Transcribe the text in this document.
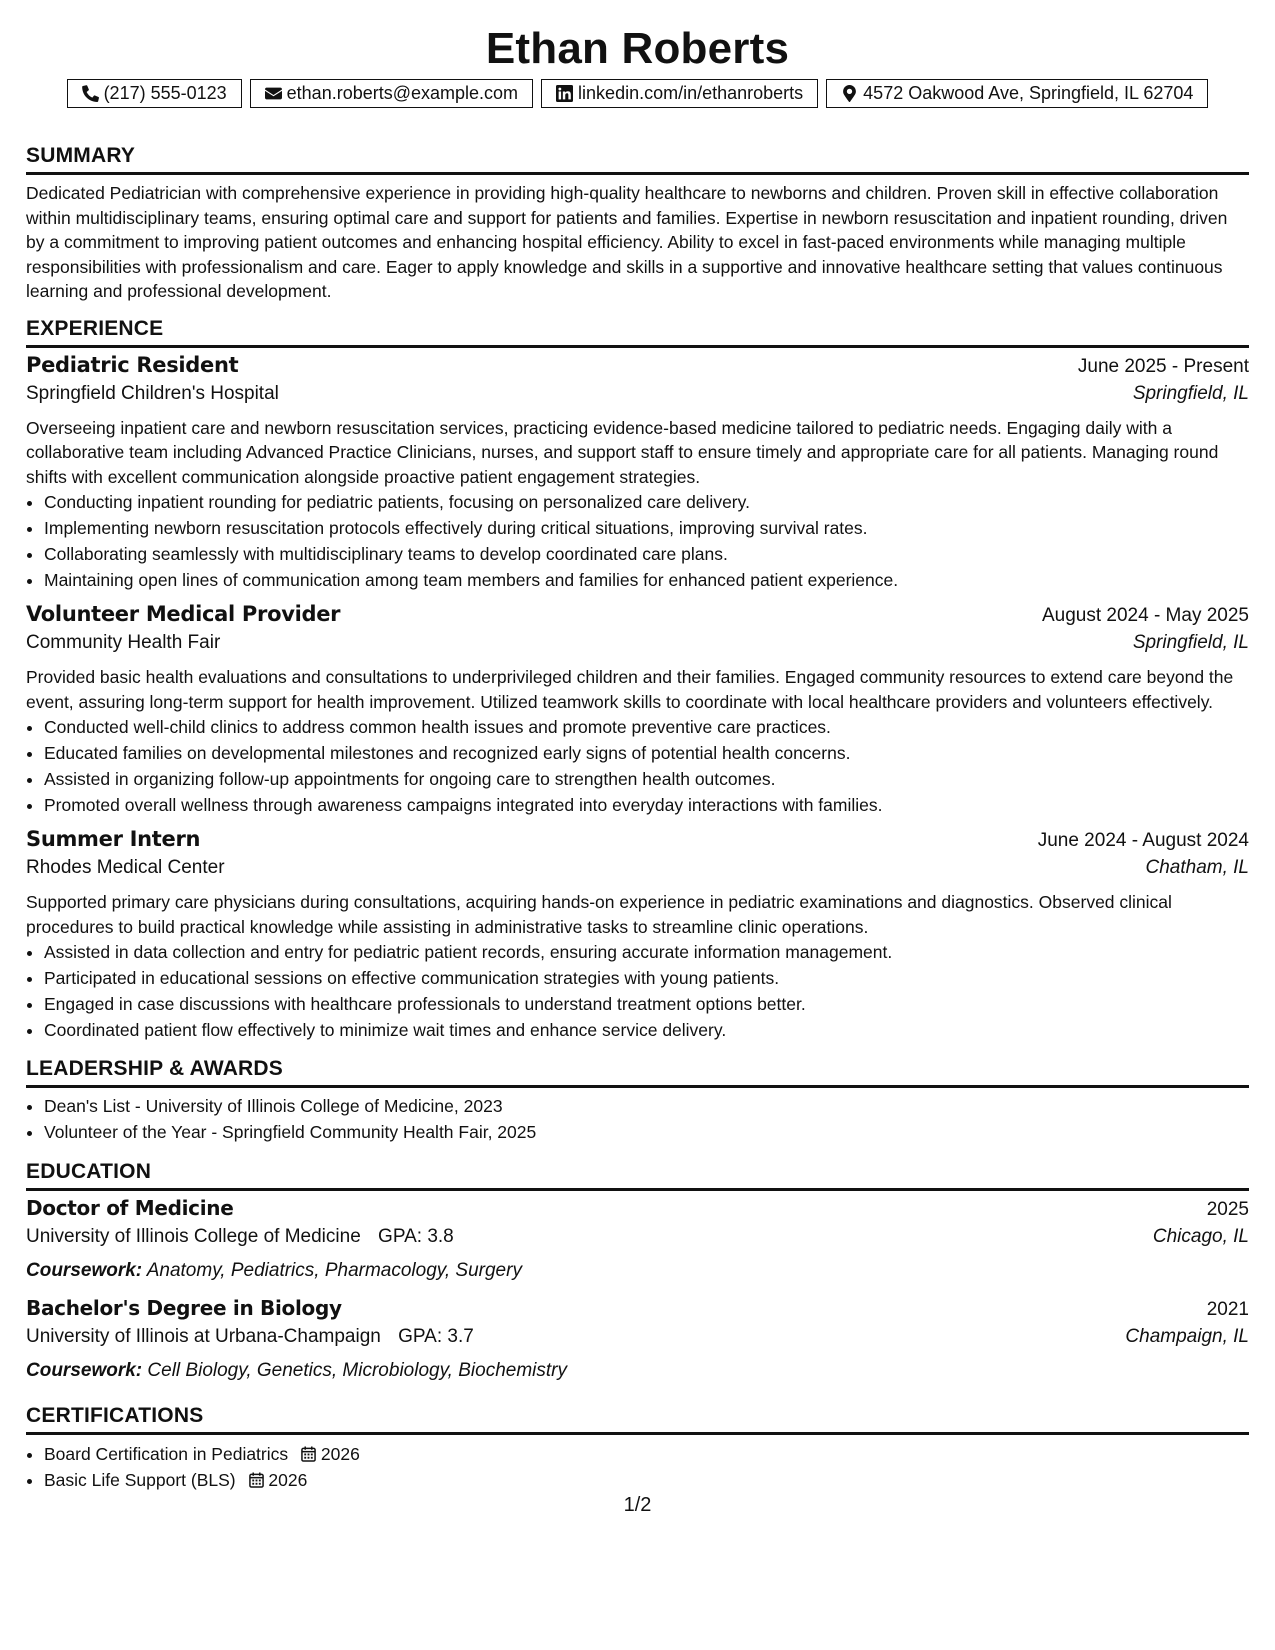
Ethan Roberts
(217) 555-0123	ethan.roberts@example.com	linkedin.com/in/ethanroberts	4572 Oakwood Ave, Springfield, IL 62704
SUMMARY

Dedicated Pediatrician with comprehensive experience in providing high-quality healthcare to newborns and children. Proven skill in effective collaboration within multidisciplinary teams, ensuring optimal care and support for patients and families. Expertise in newborn resuscitation and inpatient rounding, driven by a commitment to improving patient outcomes and enhancing hospital efficiency. Ability to excel in fast-paced environments while managing multiple responsibilities with professionalism and care. Eager to apply knowledge and skills in a supportive and innovative healthcare setting that values continuous learning and professional development.

EXPERIENCE
Pediatric Resident	June 2025 - Present
Springfield Children's Hospital	Springfield, IL

Overseeing inpatient care and newborn resuscitation services, practicing evidence-based medicine tailored to pediatric needs. Engaging daily with a collaborative team including Advanced Practice Clinicians, nurses, and support staff to ensure timely and appropriate care for all patients. Managing round shifts with excellent communication alongside proactive patient engagement strategies.

• Conducting inpatient rounding for pediatric patients, focusing on personalized care delivery.
• Implementing newborn resuscitation protocols effectively during critical situations, improving survival rates.
• Collaborating seamlessly with multidisciplinary teams to develop coordinated care plans.
• Maintaining open lines of communication among team members and families for enhanced patient experience.
Volunteer Medical Provider	August 2024 - May 2025
Community Health Fair	Springfield, IL

Provided basic health evaluations and consultations to underprivileged children and their families. Engaged community resources to extend care beyond the event, assuring long-term support for health improvement. Utilized teamwork skills to coordinate with local healthcare providers and volunteers effectively.

• Conducted well-child clinics to address common health issues and promote preventive care practices.
• Educated families on developmental milestones and recognized early signs of potential health concerns.
• Assisted in organizing follow-up appointments for ongoing care to strengthen health outcomes.
• Promoted overall wellness through awareness campaigns integrated into everyday interactions with families.
Summer Intern	June 2024 - August 2024
Rhodes Medical Center	Chatham, IL

Supported primary care physicians during consultations, acquiring hands-on experience in pediatric examinations and diagnostics. Observed clinical procedures to build practical knowledge while assisting in administrative tasks to streamline clinic operations.

• Assisted in data collection and entry for pediatric patient records, ensuring accurate information management.
• Participated in educational sessions on effective communication strategies with young patients.
• Engaged in case discussions with healthcare professionals to understand treatment options better.
• Coordinated patient flow effectively to minimize wait times and enhance service delivery.
LEADERSHIP & AWARDS
• Dean's List - University of Illinois College of Medicine, 2023
• Volunteer of the Year - Springfield Community Health Fair, 2025
EDUCATION
Doctor of Medicine	2025
University of Illinois College of Medicine GPA: 3.8	Chicago, IL
Coursework: Anatomy, Pediatrics, Pharmacology, Surgery
Bachelor's Degree in Biology	2021
University of Illinois at Urbana-Champaign GPA: 3.7	Champaign, IL
Coursework: Cell Biology, Genetics, Microbiology, Biochemistry
CERTIFICATIONS
• Board Certification in Pediatrics 2026
• Basic Life Support (BLS) 2026
1/2
